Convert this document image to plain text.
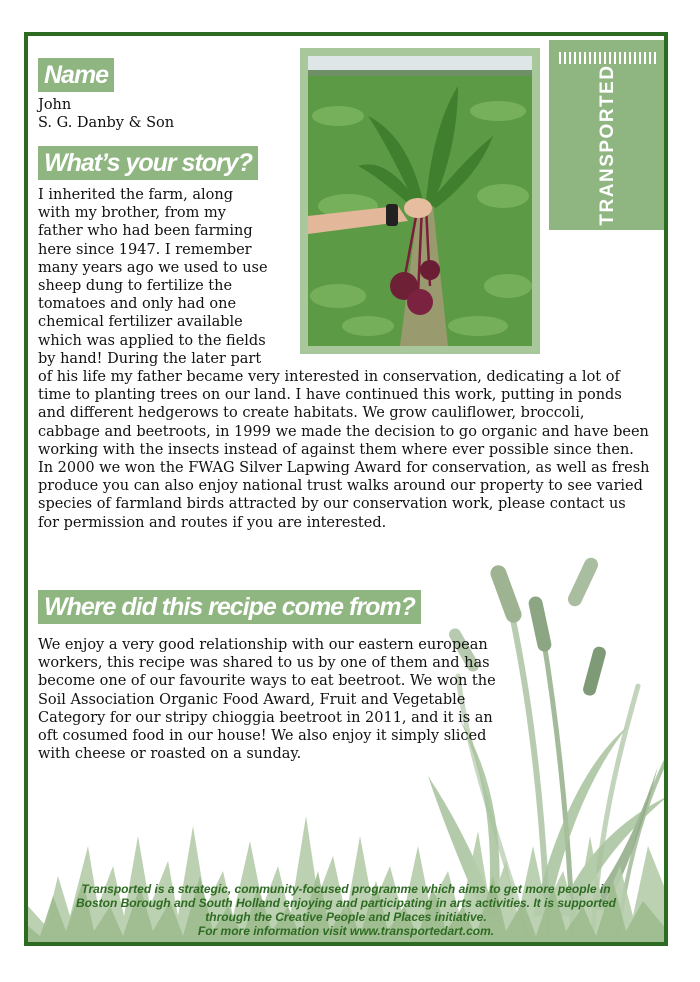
Name

John

S. G. Danby & Son

What’s your story?	TRANSPORTED
I inherited the farm, along with my brother, from my father who had been farming here since 1947. I remember many years ago we used to use sheep dung to fertilize the tomatoes and only had one chemical fertilizer available which was applied to the fields by hand! During the later part of his life my father became very interested in conservation, dedicating a lot of time to planting trees on our land. I have continued this work, putting in ponds and different hedgerows to create habitats. We grow cauliflower, broccoli, cabbage and beetroots, in 1999 we made the decision to go organic and have been working with the insects instead of against them where ever possible since then. In 2000 we won the FWAG Silver Lapwing Award for conservation, as well as fresh produce you can also enjoy national trust walks around our property to see varied species of farmland birds attracted by our conservation work, please contact us for permission and routes if you are interested.
Where did this recipe come from?

We enjoy a very good relationship with our eastern european workers, this recipe was shared to us by one of them and has become one of our favourite ways to eat beetroot. We won the Soil Association Organic Food Award, Fruit and Vegetable Category for our stripy chioggia beetroot in 2011, and it is an oft cosumed food in our house! We also enjoy it simply sliced with cheese or roasted on a sunday.

Transported is a strategic, community-focused programme which aims to get more people in
Boston Borough and South Holland enjoying and participating in arts activities. It is supported
through the Creative People and Places initiative.
For more information visit www.transportedart.com.
